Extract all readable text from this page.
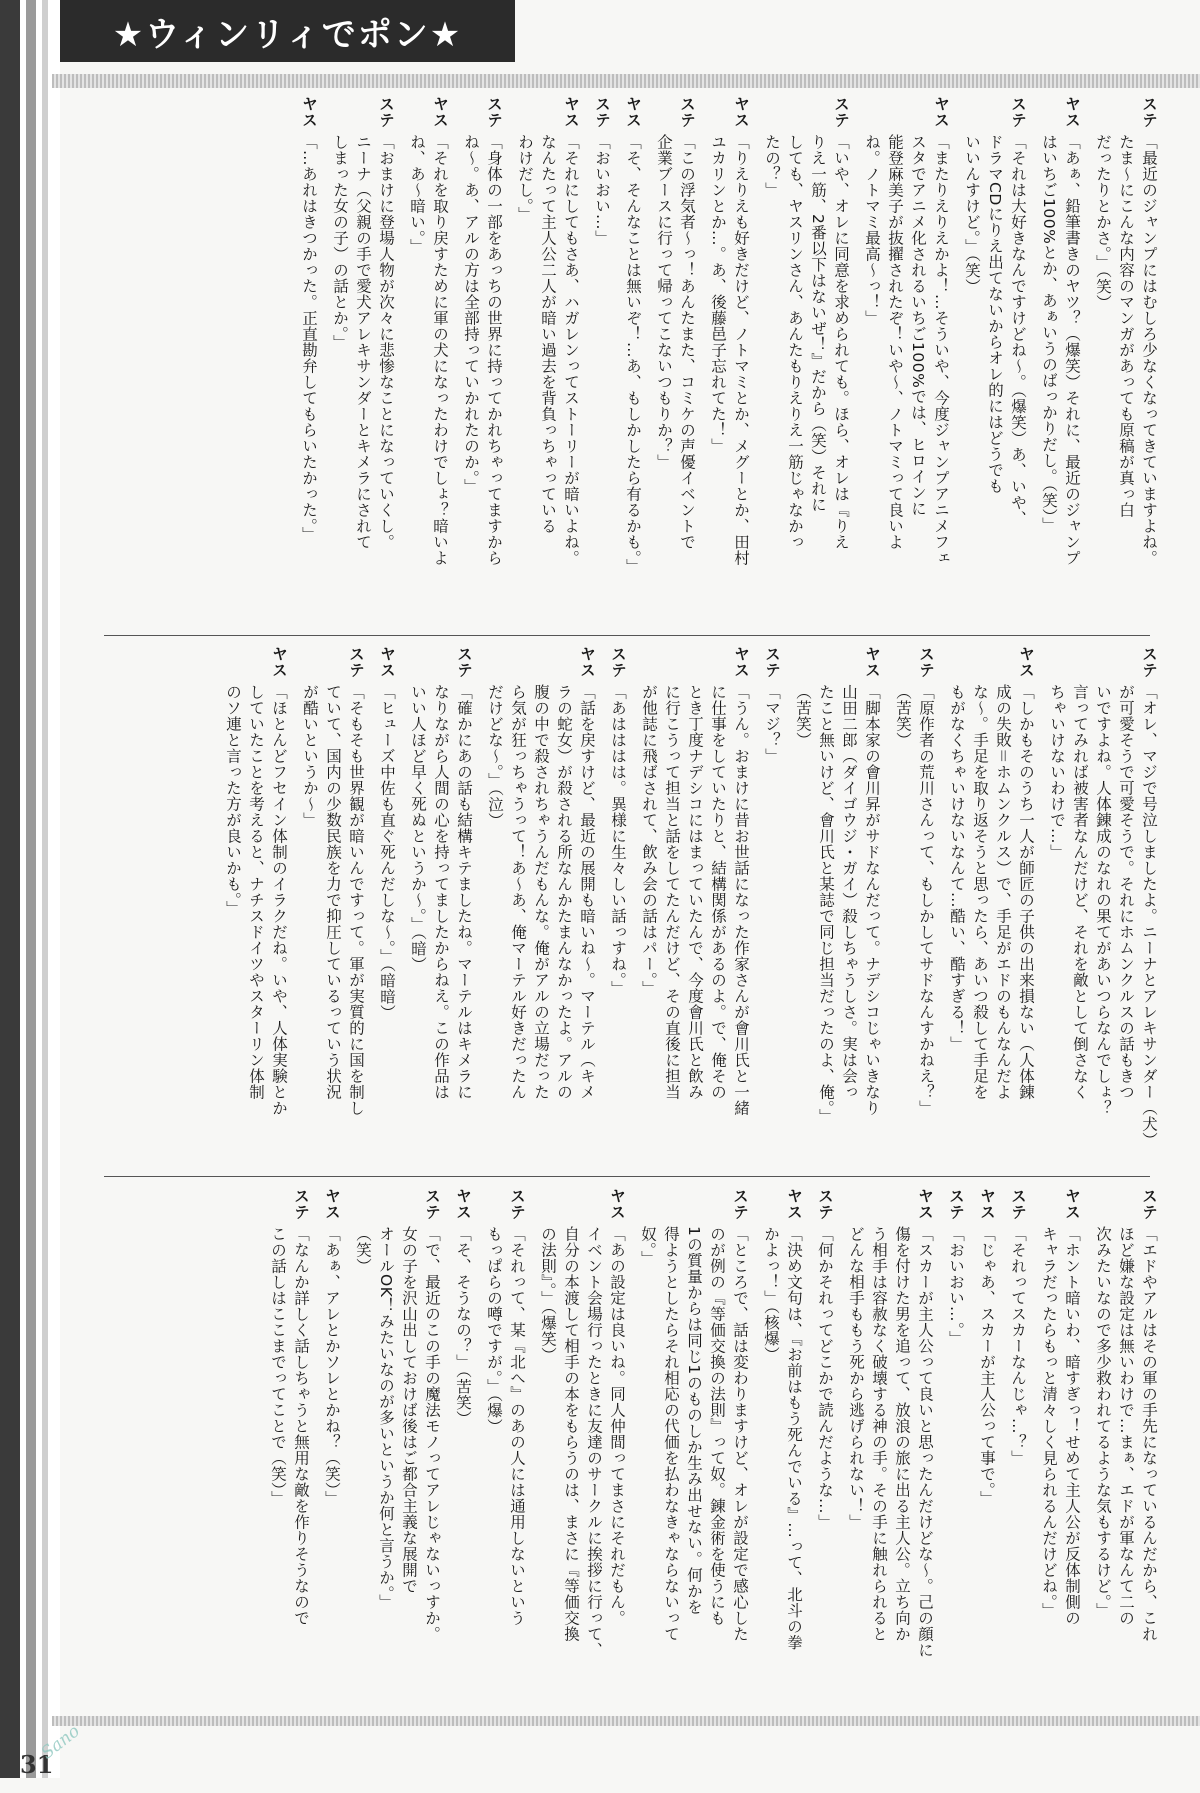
★ウィンリィでポン★
ステ
「最近のジャンプにはむしろ少なくなってきていますよね。
たま〜にこんな内容のマンガがあっても原稿が真っ白
だったりとかさ。」（笑）
ヤス
「あぁ、鉛筆書きのヤツ？（爆笑）それに、最近のジャンプ
はいちご100%とか、あぁいうのばっかりだし。（笑）」
ステ
「それは大好きなんですけどね〜。（爆笑）あ、いや、
ドラマCDにりえ出てないからオレ的にはどうでも
いいんすけど。」（笑）
ヤス
「またりえりえかよ！…そういや、今度ジャンプアニメフェ
スタでアニメ化されるいちご100%では、ヒロインに
能登麻美子が抜擢されたぞ！いや〜、ノトマミって良いよ
ね。ノトマミ最高〜っ！」
ステ
「いや、オレに同意を求められても。ほら、オレは『りえ
りえ一筋、2番以下はないぜ！』だから（笑）それに
しても、ヤスリンさん、あんたもりえりえ一筋じゃなかっ
たの？」
ヤス
「りえりえも好きだけど、ノトマミとか、メグーとか、田村
ユカリンとか…。あ、後藤邑子忘れてた！」
ステ
「この浮気者〜っ！あんたまた、コミケの声優イベントで
企業ブースに行って帰ってこないつもりか？」
ヤス
「そ、そんなことは無いぞ！…あ、もしかしたら有るかも。」
ステ
「おいおい…」
ヤス
「それにしてもさあ、ハガレンってストーリーが暗いよね。
なんたって主人公二人が暗い過去を背負っちゃっている
わけだし。」
ステ
「身体の一部をあっちの世界に持ってかれちゃってますから
ね〜。あ、アルの方は全部持っていかれたのか。」
ヤス
「それを取り戻すために軍の犬になったわけでしょ？暗いよ
ね、あ〜暗い。」
ステ
「おまけに登場人物が次々に悲惨なことになっていくし。
ニーナ（父親の手で愛犬アレキサンダーとキメラにされて
しまった女の子）の話とか。」
ヤス
「…あれはきつかった。正直勘弁してもらいたかった。」
ステ
「オレ、マジで号泣しましたよ。ニーナとアレキサンダー（犬）
が可愛そうで可愛そうで。それにホムンクルスの話もきつ
いですよね。人体錬成のなれの果てがあいつらなんでしょ？
言ってみれば被害者なんだけど、それを敵として倒さなく
ちゃいけないわけで…」
ヤス
「しかもそのうち一人が師匠の子供の出来損ない（人体錬
成の失敗＝ホムンクルス）で、手足がエドのもんなんだよ
な〜。手足を取り返そうと思ったら、あいつ殺して手足を
もがなくちゃいけないなんて…酷い、酷すぎる！」
ステ
「原作者の荒川さんって、もしかしてサドなんすかねえ？」
（苦笑）
ヤス
「脚本家の會川昇がサドなんだって。ナデシコじゃいきなり
山田二郎（ダイゴウジ・ガイ）殺しちゃうしさ。実は会っ
たこと無いけど、會川氏と某誌で同じ担当だったのよ、俺。」
（苦笑）
ステ
「マジ？」
ヤス
「うん。おまけに昔お世話になった作家さんが會川氏と一緒
に仕事をしていたりと、結構関係があるのよ。で、俺その
とき丁度ナデシコにはまっていたんで、今度會川氏と飲み
に行こうって担当と話をしてたんだけど、その直後に担当
が他誌に飛ばされて、飲み会の話はパー。」
ステ
「あはははは。異様に生々しい話っすね。」
ヤス
「話を戻すけど、最近の展開も暗いね〜。マーテル（キメ
ラの蛇女）が殺される所なんかたまんなかったよ。アルの
腹の中で殺されちゃうんだもんな。俺がアルの立場だった
ら気が狂っちゃうって！あ〜あ、俺マーテル好きだったん
だけどな〜。」（泣）
ステ
「確かにあの話も結構キテましたね。マーテルはキメラに
なりながら人間の心を持ってましたからねえ。この作品は
いい人ほど早く死ぬというか〜。」（暗）
ヤス
「ヒューズ中佐も直ぐ死んだしな〜。」（暗暗）
ステ
「そもそも世界観が暗いんですって。軍が実質的に国を制し
ていて、国内の少数民族を力で抑圧しているっていう状況
が酷いというか〜」
ヤス
「ほとんどフセイン体制のイラクだね。いや、人体実験とか
していたことを考えると、ナチスドイツやスターリン体制
のソ連と言った方が良いかも。」
ステ
「エドやアルはその軍の手先になっているんだから、これ
ほど嫌な設定は無いわけで…まぁ、エドが軍なんて二の
次みたいなので多少救われてるような気もするけど。」
ヤス
「ホント暗いわ、暗すぎっ！せめて主人公が反体制側の
キャラだったらもっと清々しく見られるんだけどね。」
ステ
「それってスカーなんじゃ…？」
ヤス
「じゃあ、スカーが主人公って事で。」
ステ
「おいおい…。」
ヤス
「スカーが主人公って良いと思ったんだけどな〜。己の顔に
傷を付けた男を追って、放浪の旅に出る主人公。立ち向か
う相手は容赦なく破壊する神の手。その手に触れられると
どんな相手ももう死から逃げられない！」
ステ
「何かそれってどこかで読んだような…」
ヤス
「決め文句は、『お前はもう死んでいる』…って、北斗の拳
かよっ！」（核爆）
ステ
「ところで、話は変わりますけど、オレが設定で感心した
のが例の『等価交換の法則』って奴。錬金術を使うにも
1の質量からは同じ1のものしか生み出せない。何かを
得ようとしたらそれ相応の代価を払わなきゃならないって
奴。」
ヤス
「あの設定は良いね。同人仲間ってまさにそれだもん。
イベント会場行ったときに友達のサークルに挨拶に行って、
自分の本渡して相手の本をもらうのは、まさに『等価交換
の法則』。」（爆笑）
ステ
「それって、某『北へ』のあの人には通用しないという
もっぱらの噂ですが。」（爆）
ヤス
「そ、そうなの？」（苦笑）
ステ
「で、最近のこの手の魔法モノってアレじゃないっすか。
女の子を沢山出しておけば後はご都合主義な展開で
オールOK！みたいなのが多いというか何と言うか。」
（笑）
ヤス
「あぁ、アレとかソレとかね？（笑）」
ステ
「なんか詳しく話しちゃうと無用な敵を作りそうなので
この話しはここまでってことで（笑）」
31
Sano
